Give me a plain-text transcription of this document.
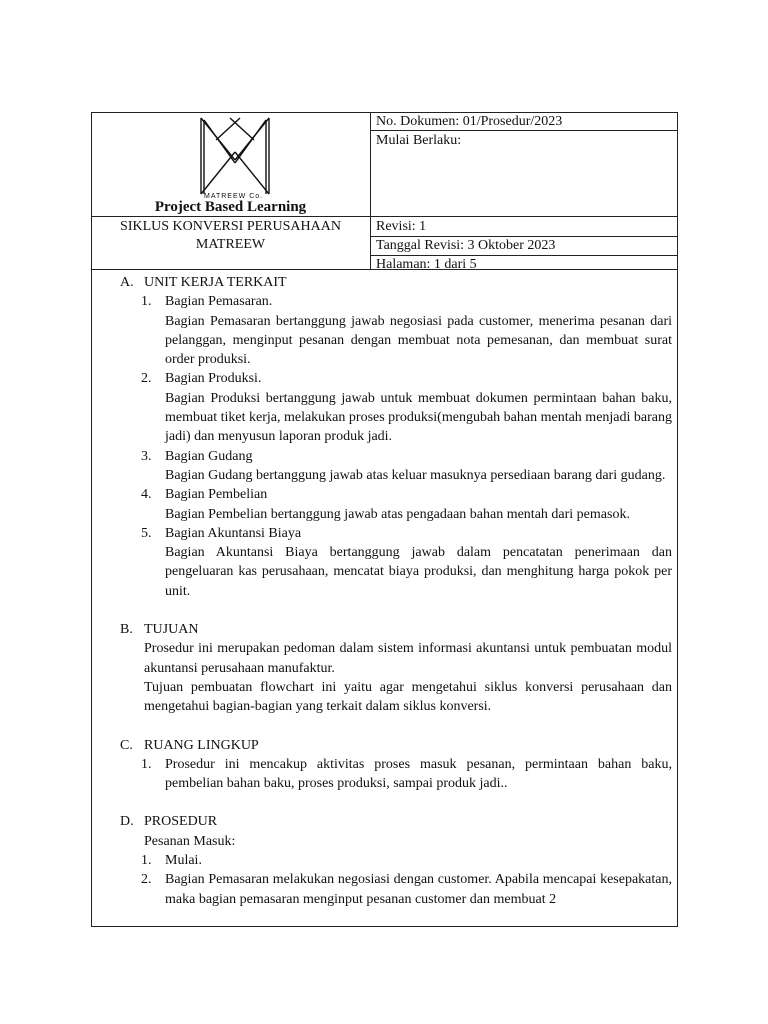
MATREEW Co.
Project Based Learning
SIKLUS KONVERSI PERUSAHAAN MATREEW
No. Dokumen: 01/Prosedur/2023
Mulai Berlaku:
Revisi: 1
Tanggal Revisi: 3 Oktober 2023
Halaman: 1 dari 5
A. UNIT KERJA TERKAIT
1. Bagian Pemasaran.
Bagian Pemasaran bertanggung jawab negosiasi pada customer, menerima pesanan dari pelanggan, menginput pesanan dengan membuat nota pemesanan, dan membuat surat order produksi.
2. Bagian Produksi.
Bagian Produksi bertanggung jawab untuk membuat dokumen permintaan bahan baku, membuat tiket kerja, melakukan proses produksi(mengubah bahan mentah menjadi barang jadi) dan menyusun laporan produk jadi.
3. Bagian Gudang
Bagian Gudang bertanggung jawab atas keluar masuknya persediaan barang dari gudang.
4. Bagian Pembelian
Bagian Pembelian bertanggung jawab atas pengadaan bahan mentah dari pemasok.
5. Bagian Akuntansi Biaya
Bagian Akuntansi Biaya bertanggung jawab dalam pencatatan penerimaan dan pengeluaran kas perusahaan, mencatat biaya produksi, dan menghitung harga pokok per unit.
B. TUJUAN
Prosedur ini merupakan pedoman dalam sistem informasi akuntansi untuk pembuatan modul akuntansi perusahaan manufaktur.
Tujuan pembuatan flowchart ini yaitu agar mengetahui siklus konversi perusahaan dan mengetahui bagian-bagian yang terkait dalam siklus konversi.
C. RUANG LINGKUP
1. Prosedur ini mencakup aktivitas proses masuk pesanan, permintaan bahan baku, pembelian bahan baku, proses produksi, sampai produk jadi..
D. PROSEDUR
Pesanan Masuk:
1. Mulai.
2. Bagian Pemasaran melakukan negosiasi dengan customer. Apabila mencapai kesepakatan, maka bagian pemasaran menginput pesanan customer dan membuat 2
